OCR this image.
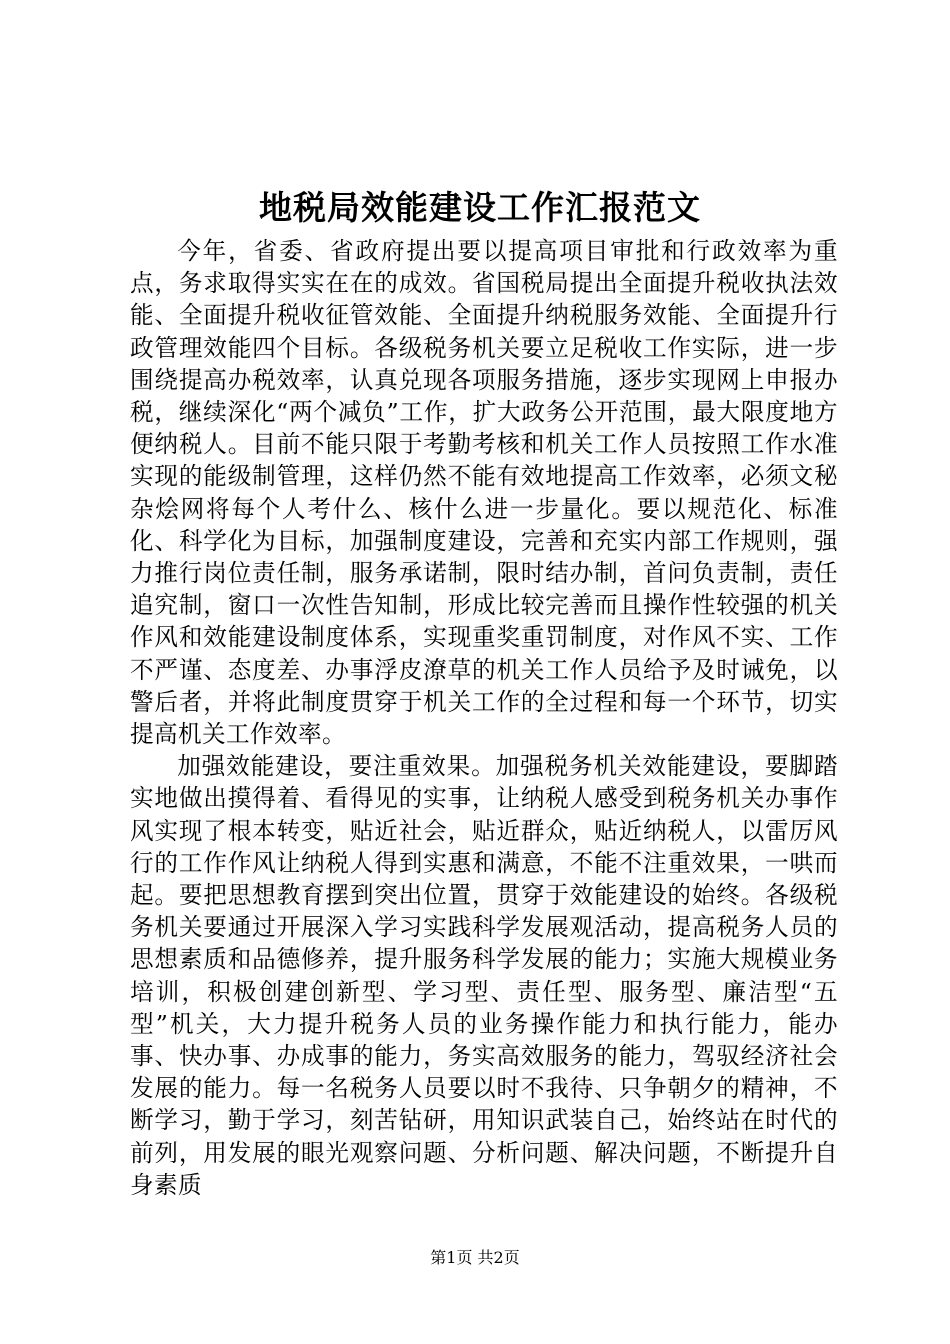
地税局效能建设工作汇报范文

今年，省委、省政府提出要以提高项目审批和行政效率为重点，务求取得实实在在的成效。省国税局提出全面提升税收执法效能、全面提升税收征管效能、全面提升纳税服务效能、全面提升行政管理效能四个目标。各级税务机关要立足税收工作实际，进一步围绕提高办税效率，认真兑现各项服务措施，逐步实现网上申报办税，继续深化“两个减负”工作，扩大政务公开范围，最大限度地方便纳税人。目前不能只限于考勤考核和机关工作人员按照工作水准实现的能级制管理，这样仍然不能有效地提高工作效率，必须文秘杂烩网将每个人考什么、核什么进一步量化。要以规范化、标准化、科学化为目标，加强制度建设，完善和充实内部工作规则，强力推行岗位责任制，服务承诺制，限时结办制，首问负责制，责任追究制，窗口一次性告知制，形成比较完善而且操作性较强的机关作风和效能建设制度体系，实现重奖重罚制度，对作风不实、工作不严谨、态度差、办事浮皮潦草的机关工作人员给予及时诫免，以警后者，并将此制度贯穿于机关工作的全过程和每一个环节，切实提高机关工作效率。

加强效能建设，要注重效果。加强税务机关效能建设，要脚踏实地做出摸得着、看得见的实事，让纳税人感受到税务机关办事作风实现了根本转变，贴近社会，贴近群众，贴近纳税人，以雷厉风行的工作作风让纳税人得到实惠和满意，不能不注重效果，一哄而起。要把思想教育摆到突出位置，贯穿于效能建设的始终。各级税务机关要通过开展深入学习实践科学发展观活动，提高税务人员的思想素质和品德修养，提升服务科学发展的能力；实施大规模业务培训，积极创建创新型、学习型、责任型、服务型、廉洁型“五型”机关，大力提升税务人员的业务操作能力和执行能力，能办事、快办事、办成事的能力，务实高效服务的能力，驾驭经济社会发展的能力。每一名税务人员要以时不我待、只争朝夕的精神，不断学习，勤于学习，刻苦钻研，用知识武装自己，始终站在时代的前列，用发展的眼光观察问题、分析问题、解决问题，不断提升自身素质

第1页 共2页
